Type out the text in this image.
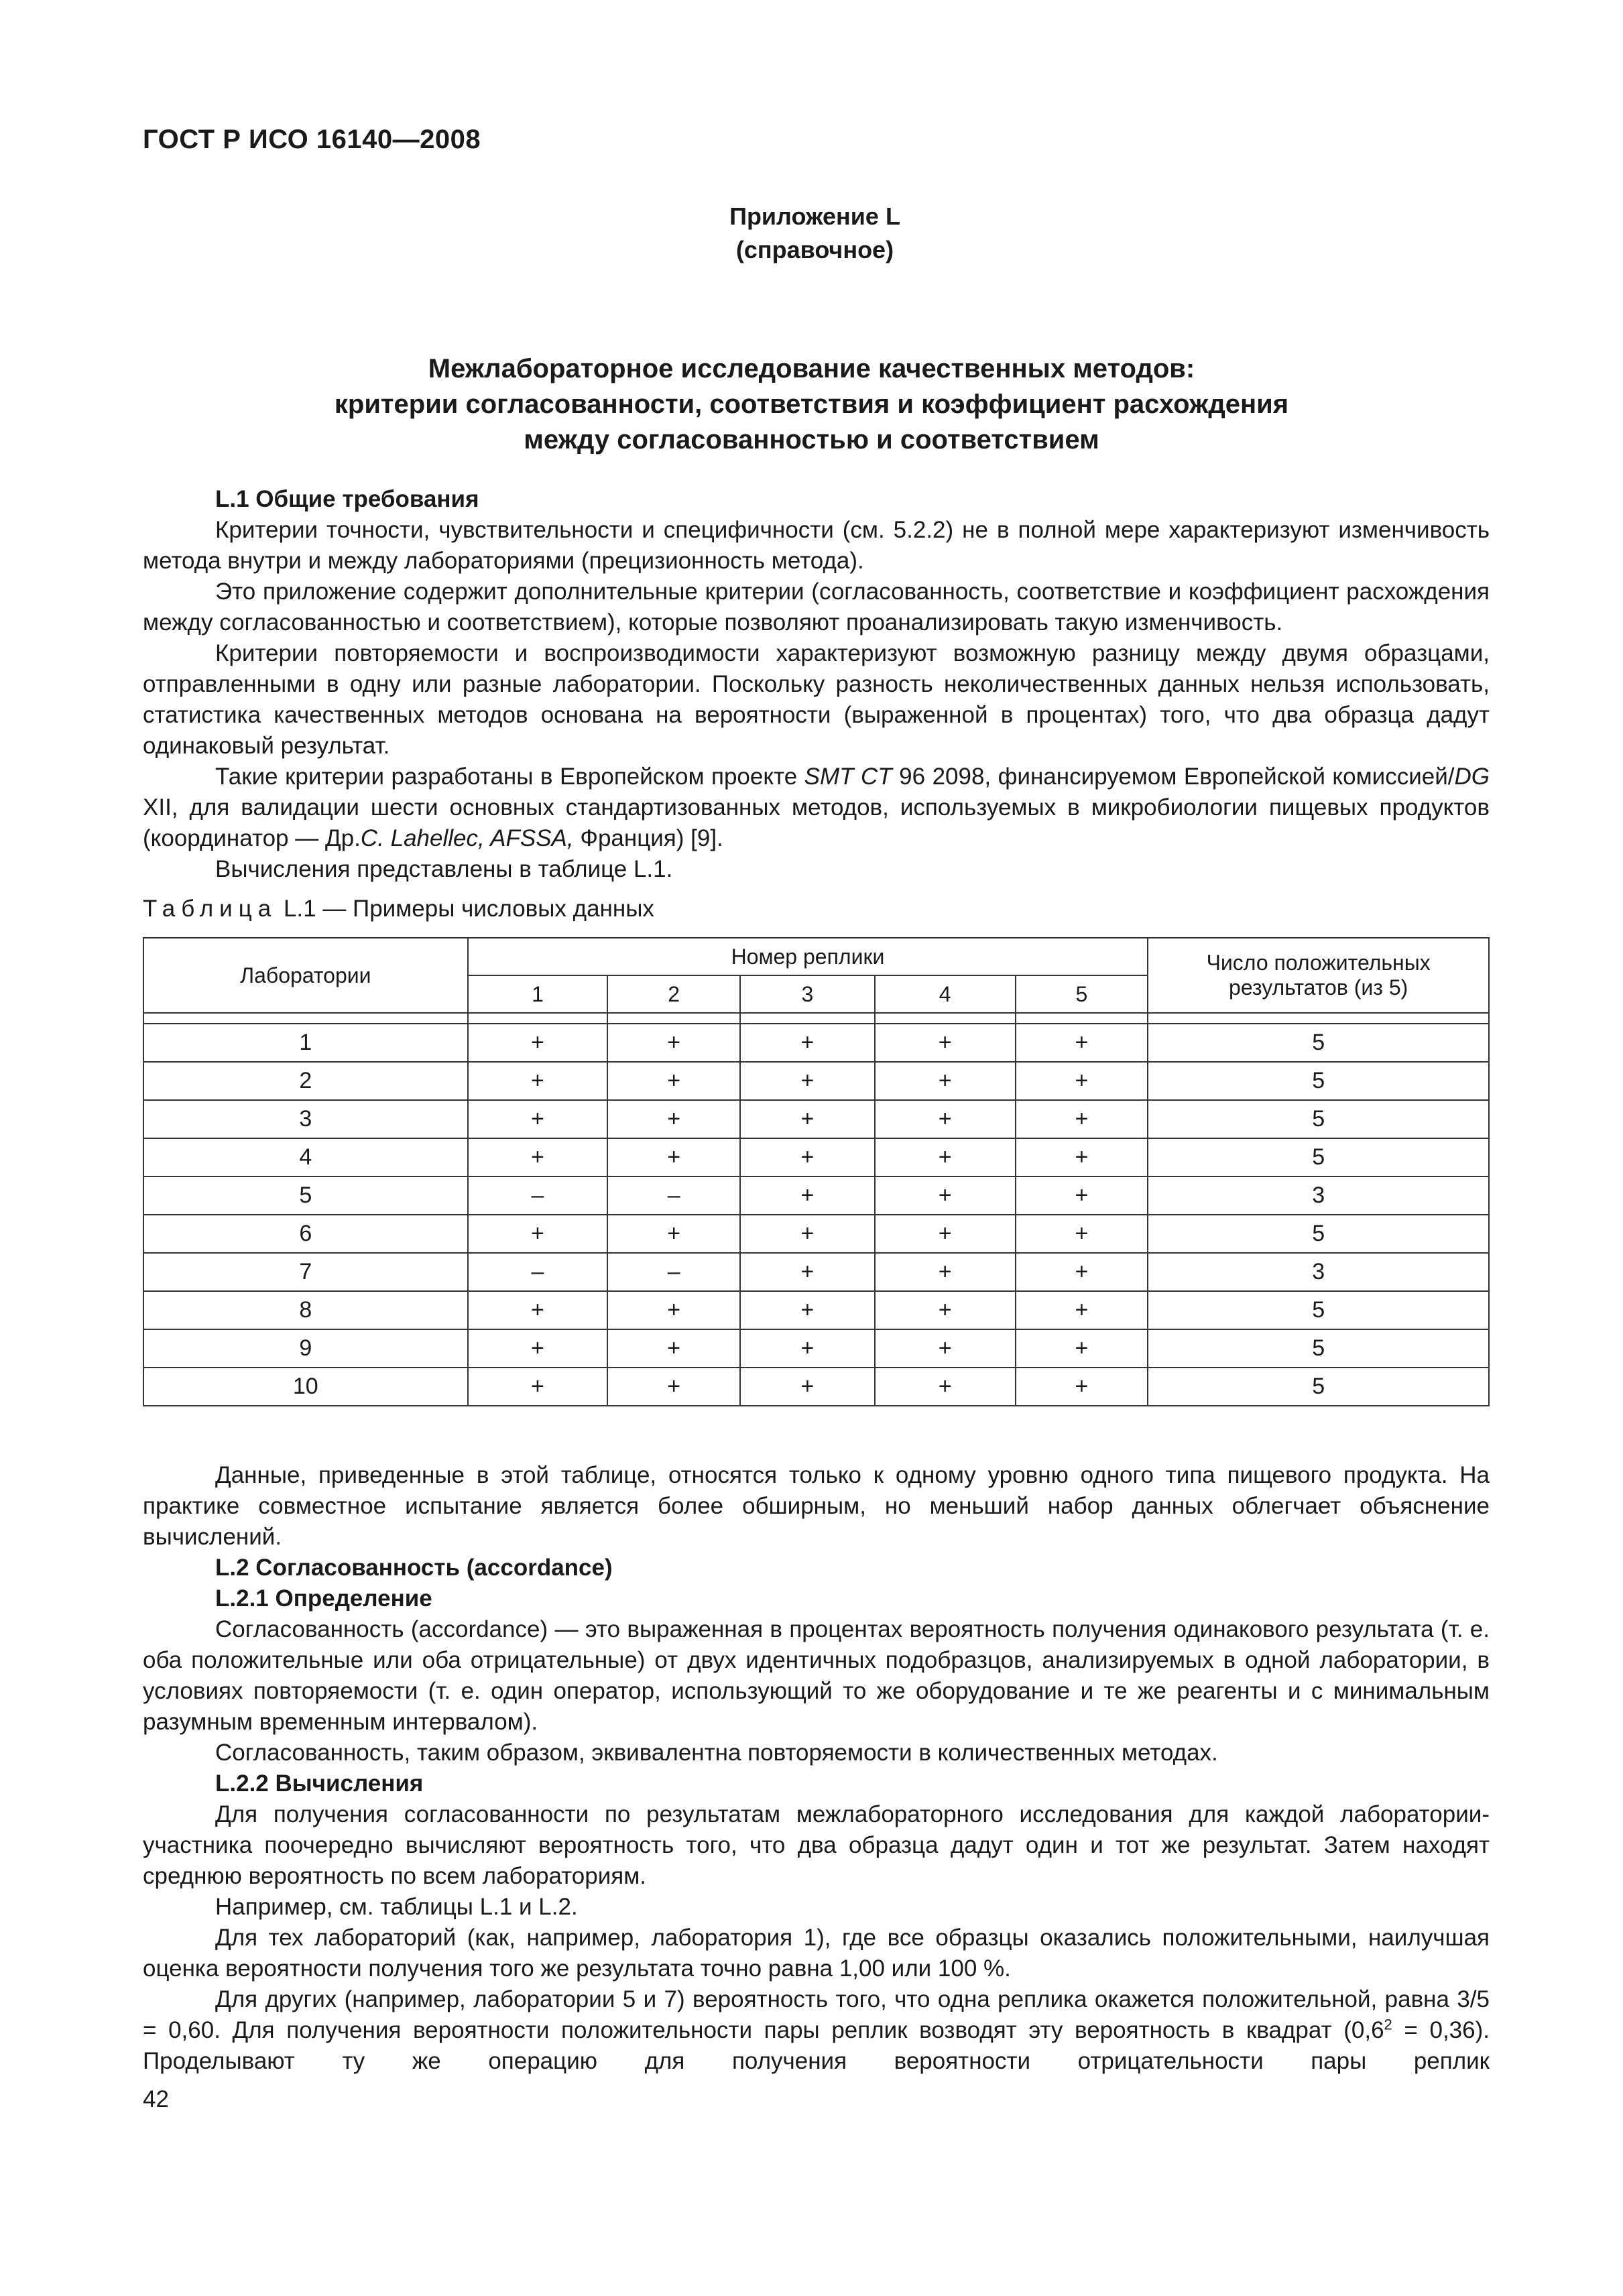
ГОСТ Р ИСО 16140—2008
Приложение L
(справочное)
Межлабораторное исследование качественных методов:
критерии согласованности, соответствия и коэффициент расхождения
между согласованностью и соответствием

L.1 Общие требования

Критерии точности, чувствительности и специфичности (см. 5.2.2) не в полной мере характеризуют изменчивость метода внутри и между лабораториями (прецизионность метода).

Это приложение содержит дополнительные критерии (согласованность, соответствие и коэффициент расхождения между согласованностью и соответствием), которые позволяют проанализировать такую изменчивость.

Критерии повторяемости и воспроизводимости характеризуют возможную разницу между двумя образцами, отправленными в одну или разные лаборатории. Поскольку разность неколичественных данных нельзя использовать, статистика качественных методов основана на вероятности (выраженной в процентах) того, что два образца дадут одинаковый результат.

Такие критерии разработаны в Европейском проекте SMT CT 96 2098, финансируемом Европейской комиссией/DG XII, для валидации шести основных стандартизованных методов, используемых в микробиологии пищевых продуктов (координатор — Др.C. Lahellec, AFSSA, Франция) [9].

Вычисления представлены в таблице L.1.

Таблица L.1 — Примеры числовых данных
Лаборатории	Номер реплики					Число положительных
результатов (из 5)

	1	2	3	4	5	

1	+	+	+	+	+	5
2	+	+	+	+	+	5
3	+	+	+	+	+	5
4	+	+	+	+	+	5
5	–	–	+	+	+	3
6	+	+	+	+	+	5
7	–	–	+	+	+	3
8	+	+	+	+	+	5
9	+	+	+	+	+	5
10	+	+	+	+	+	5

Данные, приведенные в этой таблице, относятся только к одному уровню одного типа пищевого продукта. На практике совместное испытание является более обширным, но меньший набор данных облегчает объяснение вычислений.

L.2 Согласованность (accordance)

L.2.1 Определение

Согласованность (accordance) — это выраженная в процентах вероятность получения одинакового результата (т. е. оба положительные или оба отрицательные) от двух идентичных подобразцов, анализируемых в одной лаборатории, в условиях повторяемости (т. е. один оператор, использующий то же оборудование и те же реагенты и с минимальным разумным временным интервалом).

Согласованность, таким образом, эквивалентна повторяемости в количественных методах.

L.2.2 Вычисления

Для получения согласованности по результатам межлабораторного исследования для каждой лаборатории-участника поочередно вычисляют вероятность того, что два образца дадут один и тот же результат. Затем находят среднюю вероятность по всем лабораториям.

Например, см. таблицы L.1 и L.2.

Для тех лабораторий (как, например, лаборатория 1), где все образцы оказались положительными, наилучшая оценка вероятности получения того же результата точно равна 1,00 или 100 %.

Для других (например, лаборатории 5 и 7) вероятность того, что одна реплика окажется положительной, равна 3/5 = 0,60. Для получения вероятности положительности пары реплик возводят эту вероятность в квадрат $(0,6^2 = 0,36)$. Проделывают ту же операцию для получения вероятности отрицательности пары реплик

42
